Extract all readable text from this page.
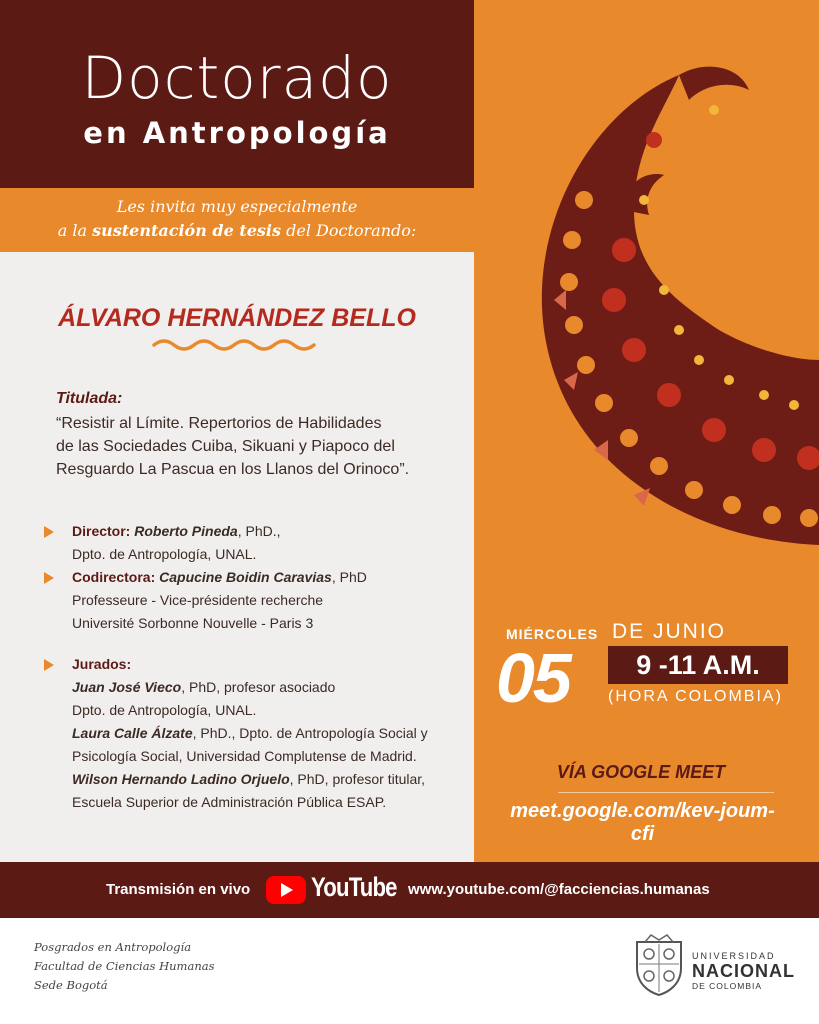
Doctorado
en Antropología
Les invita muy especialmente
a la sustentación de tesis del Doctorando:
ÁLVARO HERNÁNDEZ BELLO
Titulada:
“Resistir al Límite. Repertorios de Habilidades
de las Sociedades Cuiba, Sikuani y Piapoco del
Resguardo La Pascua en los Llanos del Orinoco”.
Director: Roberto Pineda, PhD.,
Dpto. de Antropología, UNAL.
Codirectora: Capucine Boidin Caravias, PhD
Professeure - Vice-présidente recherche
Université Sorbonne Nouvelle - Paris 3
Jurados:
Juan José Vieco, PhD, profesor asociado
Dpto. de Antropología, UNAL.
Laura Calle Álzate, PhD., Dpto. de Antropología Social y
Psicología Social, Universidad Complutense de Madrid.
Wilson Hernando Ladino Orjuelo, PhD, profesor titular,
Escuela Superior de Administración Pública ESAP.
MIÉRCOLES
05
DE JUNIO
9 -11 A.M.
(HORA COLOMBIA)
VÍA GOOGLE MEET
meet.google.com/kev-joum-cfi
Transmisión en vivo YouTube www.youtube.com/@facciencias.humanas
Posgrados en Antropología
Facultad de Ciencias Humanas
Sede Bogotá
UNIVERSIDAD
NACIONAL
DE COLOMBIA
